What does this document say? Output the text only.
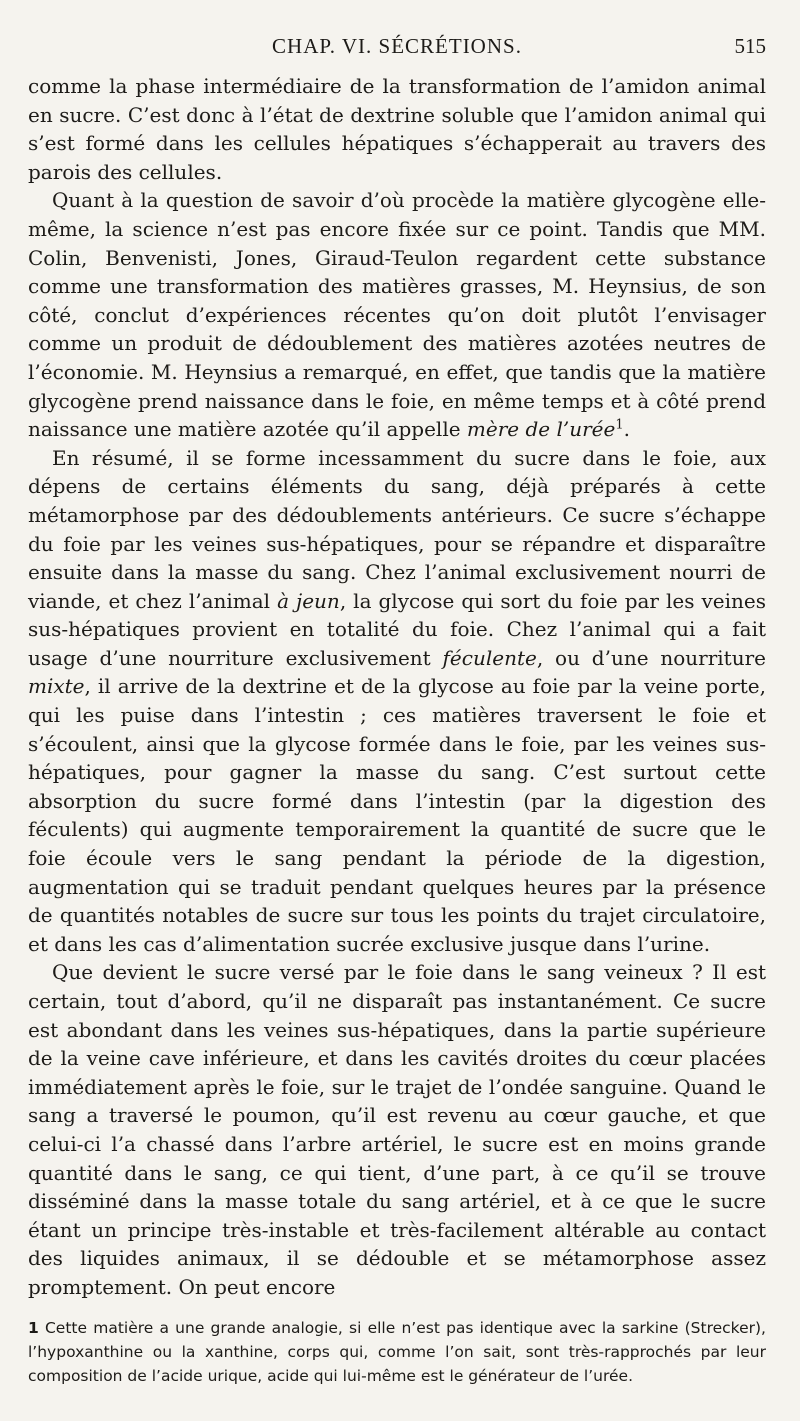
CHAP. VI. SÉCRÉTIONS.	515

comme la phase intermédiaire de la transformation de l’amidon animal en sucre. C’est donc à l’état de dextrine soluble que l’amidon animal qui s’est formé dans les cellules hépatiques s’échapperait au travers des parois des cellules.

Quant à la question de savoir d’où procède la matière glycogène elle-même, la science n’est pas encore fixée sur ce point. Tandis que MM. Colin, Benvenisti, Jones, Giraud-Teulon regardent cette substance comme une transformation des matières grasses, M. Heynsius, de son côté, conclut d’expériences récentes qu’on doit plutôt l’envisager comme un produit de dédoublement des matières azotées neutres de l’économie. M. Heynsius a remarqué, en effet, que tandis que la matière glycogène prend naissance dans le foie, en même temps et à côté prend naissance une matière azotée qu’il appelle mère de l’urée$^1$.

En résumé, il se forme incessamment du sucre dans le foie, aux dépens de certains éléments du sang, déjà préparés à cette métamorphose par des dédoublements antérieurs. Ce sucre s’échappe du foie par les veines sus-hépatiques, pour se répandre et disparaître ensuite dans la masse du sang. Chez l’animal exclusivement nourri de viande, et chez l’animal à jeun, la glycose qui sort du foie par les veines sus-hépatiques provient en totalité du foie. Chez l’animal qui a fait usage d’une nourriture exclusivement féculente, ou d’une nourriture mixte, il arrive de la dextrine et de la glycose au foie par la veine porte, qui les puise dans l’intestin ; ces matières traversent le foie et s’écoulent, ainsi que la glycose formée dans le foie, par les veines sus-hépatiques, pour gagner la masse du sang. C’est surtout cette absorption du sucre formé dans l’intestin (par la digestion des féculents) qui augmente temporairement la quantité de sucre que le foie écoule vers le sang pendant la période de la digestion, augmentation qui se traduit pendant quelques heures par la présence de quantités notables de sucre sur tous les points du trajet circulatoire, et dans les cas d’alimentation sucrée exclusive jusque dans l’urine.

Que devient le sucre versé par le foie dans le sang veineux ? Il est certain, tout d’abord, qu’il ne disparaît pas instantanément. Ce sucre est abondant dans les veines sus-hépatiques, dans la partie supérieure de la veine cave inférieure, et dans les cavités droites du cœur placées immédiatement après le foie, sur le trajet de l’ondée sanguine. Quand le sang a traversé le poumon, qu’il est revenu au cœur gauche, et que celui-ci l’a chassé dans l’arbre artériel, le sucre est en moins grande quantité dans le sang, ce qui tient, d’une part, à ce qu’il se trouve disséminé dans la masse totale du sang artériel, et à ce que le sucre étant un principe très-instable et très-facilement altérable au contact des liquides animaux, il se dédouble et se métamorphose assez promptement. On peut encore

1 Cette matière a une grande analogie, si elle n’est pas identique avec la sarkine (Strecker), l’hypoxanthine ou la xanthine, corps qui, comme l’on sait, sont très-rapprochés par leur composition de l’acide urique, acide qui lui-même est le générateur de l’urée.
